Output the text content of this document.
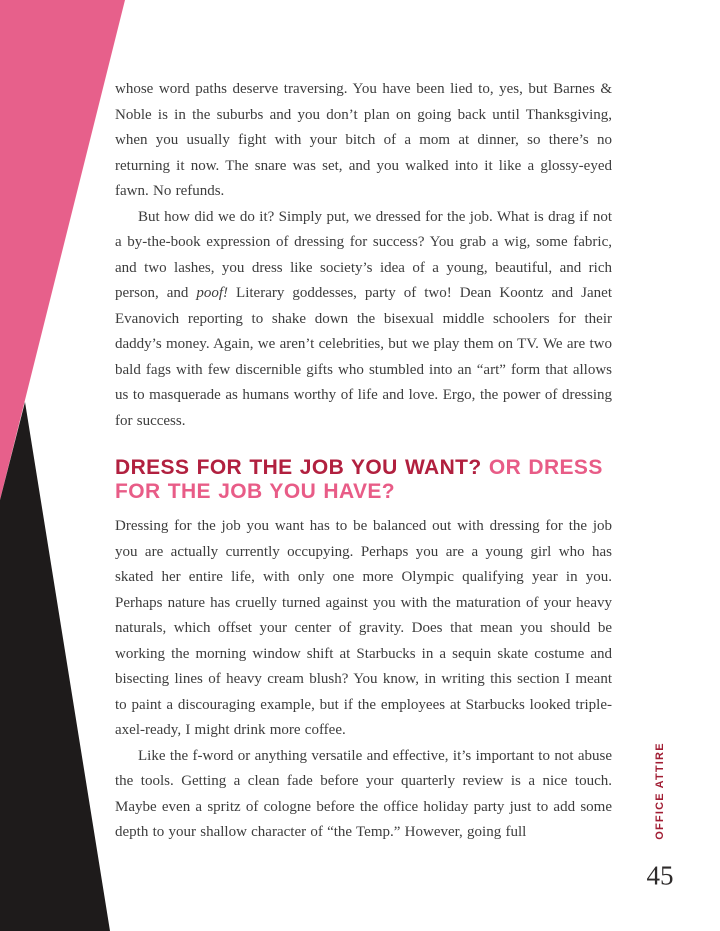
whose word paths deserve traversing. You have been lied to, yes, but Barnes & Noble is in the suburbs and you don’t plan on going back until Thanksgiving, when you usually fight with your bitch of a mom at dinner, so there’s no returning it now. The snare was set, and you walked into it like a glossy-eyed fawn. No refunds.

But how did we do it? Simply put, we dressed for the job. What is drag if not a by-the-book expression of dressing for success? You grab a wig, some fabric, and two lashes, you dress like society’s idea of a young, beautiful, and rich person, and poof! Literary goddesses, party of two! Dean Koontz and Janet Evanovich reporting to shake down the bisexual middle schoolers for their daddy’s money. Again, we aren’t celebrities, but we play them on TV. We are two bald fags with few discernible gifts who stumbled into an “art” form that allows us to masquerade as humans worthy of life and love. Ergo, the power of dressing for success.

DRESS FOR THE JOB YOU WANT? OR DRESS FOR THE JOB YOU HAVE?

Dressing for the job you want has to be balanced out with dressing for the job you are actually currently occupying. Perhaps you are a young girl who has skated her entire life, with only one more Olympic qualifying year in you. Perhaps nature has cruelly turned against you with the maturation of your heavy naturals, which offset your center of gravity. Does that mean you should be working the morning window shift at Starbucks in a sequin skate costume and bisecting lines of heavy cream blush? You know, in writing this section I meant to paint a discouraging example, but if the employees at Starbucks looked triple-axel-ready, I might drink more coffee.

Like the f-word or anything versatile and effective, it’s important to not abuse the tools. Getting a clean fade before your quarterly review is a nice touch. Maybe even a spritz of cologne before the office holiday party just to add some depth to your shallow character of “the Temp.” However, going full	OFFICE ATTIRE
45
